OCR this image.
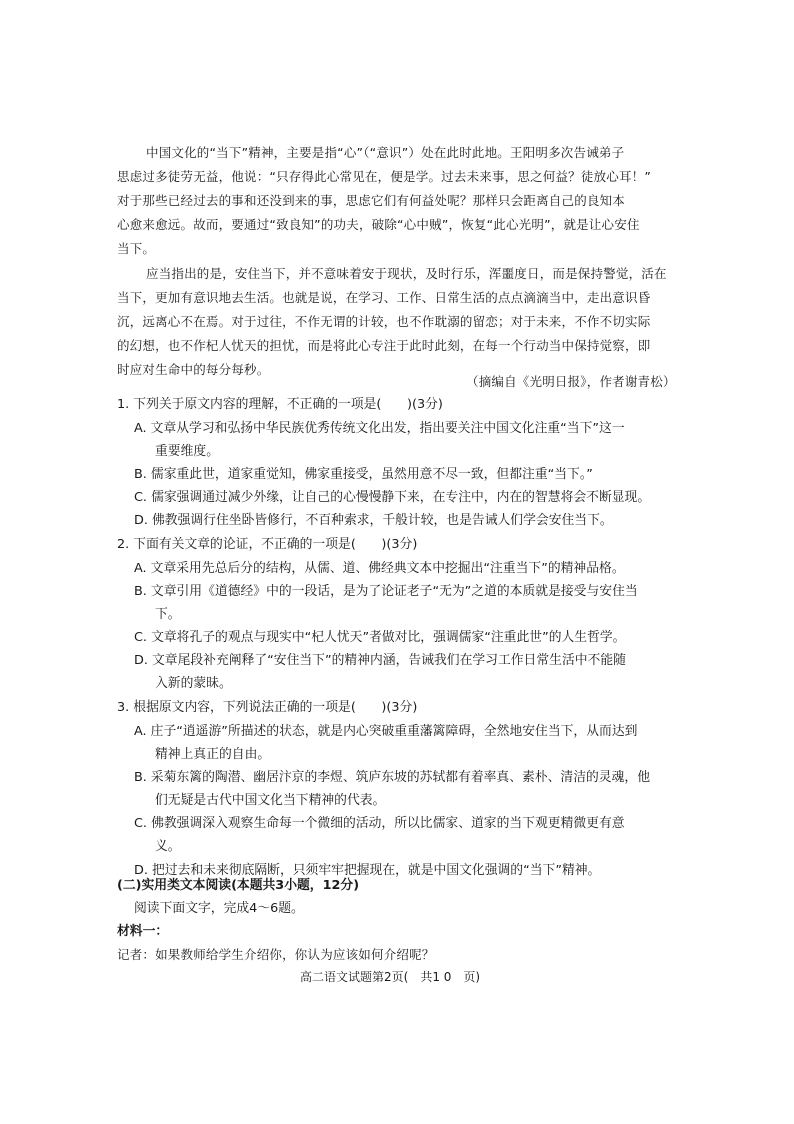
中国文化的“当下”精神，主要是指“心”（“意识”）处在此时此地。王阳明多次告诫弟子
思虑过多徒劳无益，他说：“只存得此心常见在，便是学。过去未来事，思之何益？徒放心耳！”
对于那些已经过去的事和还没到来的事，思虑它们有何益处呢？那样只会距离自己的良知本
心愈来愈远。故而，要通过“致良知”的功夫，破除“心中贼”，恢复“此心光明”，就是让心安住
当下。
应当指出的是，安住当下，并不意味着安于现状，及时行乐，浑噩度日，而是保持警觉，活在
当下，更加有意识地去生活。也就是说，在学习、工作、日常生活的点点滴滴当中，走出意识昏
沉，远离心不在焉。对于过往，不作无谓的计较，也不作耽溺的留恋；对于未来，不作不切实际
的幻想，也不作杞人忧天的担忧，而是将此心专注于此时此刻，在每一个行动当中保持觉察，即
时应对生命中的每分每秒。
（摘编自《光明日报》，作者谢青松）
1. 下列关于原文内容的理解，不正确的一项是(　　)(3分)
A. 文章从学习和弘扬中华民族优秀传统文化出发，指出要关注中国文化注重“当下”这一
重要维度。
B. 儒家重此世，道家重觉知，佛家重接受，虽然用意不尽一致，但都注重“当下。”
C. 儒家强调通过减少外缘，让自己的心慢慢静下来，在专注中，内在的智慧将会不断显现。
D. 佛教强调行住坐卧皆修行，不百种索求，千般计较，也是告诫人们学会安住当下。
2. 下面有关文章的论证，不正确的一项是(　　)(3分)
A. 文章采用先总后分的结构，从儒、道、佛经典文本中挖掘出“注重当下”的精神品格。
B. 文章引用《道德经》中的一段话，是为了论证老子“无为”之道的本质就是接受与安住当
下。
C. 文章将孔子的观点与现实中“杞人忧天”者做对比，强调儒家“注重此世”的人生哲学。
D. 文章尾段补充阐释了“安住当下”的精神内涵，告诫我们在学习工作日常生活中不能随
入新的蒙昧。
3. 根据原文内容，下列说法正确的一项是(　　)(3分)
A. 庄子“逍遥游”所描述的状态，就是内心突破重重藩篱障碍，全然地安住当下，从而达到
精神上真正的自由。
B. 采菊东篱的陶潜、幽居汴京的李煜、筑庐东坡的苏轼都有着率真、素朴、清洁的灵魂，他
们无疑是古代中国文化当下精神的代表。
C. 佛教强调深入观察生命每一个微细的活动，所以比儒家、道家的当下观更精微更有意
义。
D. 把过去和未来彻底隔断，只须牢牢把握现在，就是中国文化强调的“当下”精神。
(二)实用类文本阅读(本题共3小题，12分)
阅读下面文字，完成4～6题。
材料一：
记者：如果教师给学生介绍你，你认为应该如何介绍呢？
高二语文试题第2页(　共1 0　页)
